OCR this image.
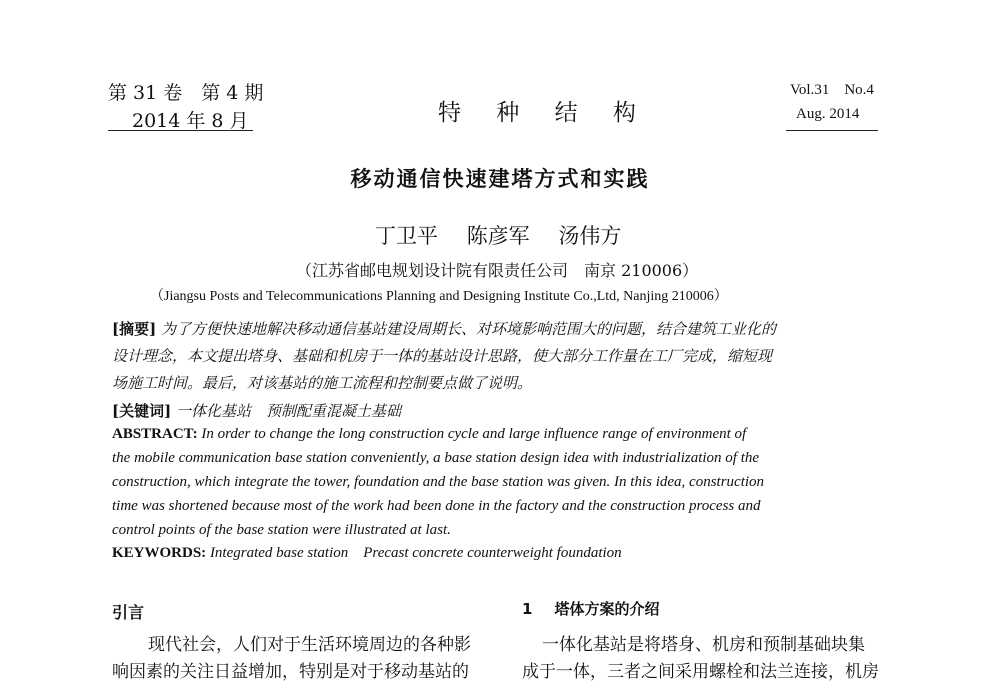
第 31 卷　第 4 期
2014 年 8 月	特 种 结 构
Vol.31　No.4
Aug. 2014
移动通信快速建塔方式和实践
丁卫平 陈彦军 汤伟方
（江苏省邮电规划设计院有限责任公司　南京 210006）
（Jiangsu Posts and Telecommunications Planning and Designing Institute Co.,Ltd, Nanjing 210006）
[摘要] 为了方便快速地解决移动通信基站建设周期长、对环境影响范围大的问题，结合建筑工业化的
设计理念，本文提出塔身、基础和机房于一体的基站设计思路，使大部分工作量在工厂完成，缩短现
场施工时间。最后，对该基站的施工流程和控制要点做了说明。
[关键词] 一体化基站　预制配重混凝土基础
ABSTRACT: In order to change the long construction cycle and large influence range of environment of
the mobile communication base station conveniently, a base station design idea with industrialization of the
construction, which integrate the tower, foundation and the base station was given. In this idea, construction
time was shortened because most of the work had been done in the factory and the construction process and
control points of the base station were illustrated at last.
KEYWORDS: Integrated base station　Precast concrete counterweight foundation
引言
现代社会，人们对于生活环境周边的各种影
响因素的关注日益增加，特别是对于移动基站的
1 塔体方案的介绍
一体化基站是将塔身、机房和预制基础块集
成于一体，三者之间采用螺栓和法兰连接，机房
